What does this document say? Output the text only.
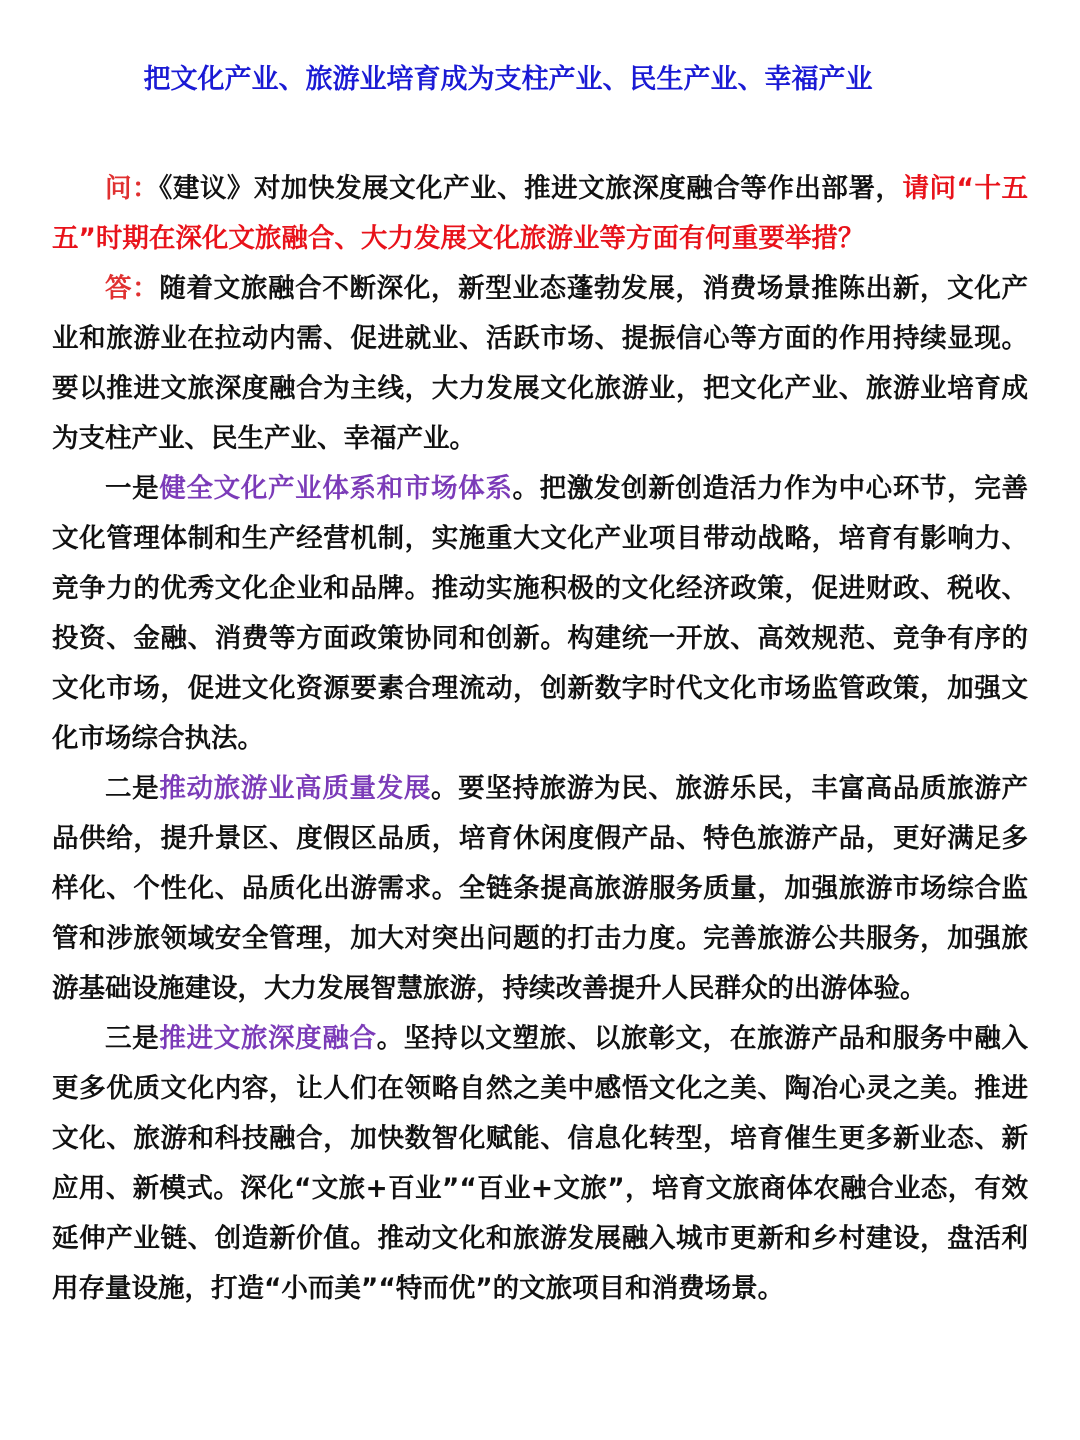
把文化产业、旅游业培育成为支柱产业、民生产业、幸福产业

问：《建议》对加快发展文化产业、推进文旅深度融合等作出部署，请问“十五五”时期在深化文旅融合、大力发展文化旅游业等方面有何重要举措？

答：随着文旅融合不断深化，新型业态蓬勃发展，消费场景推陈出新，文化产业和旅游业在拉动内需、促进就业、活跃市场、提振信心等方面的作用持续显现。要以推进文旅深度融合为主线，大力发展文化旅游业，把文化产业、旅游业培育成为支柱产业、民生产业、幸福产业。

一是健全文化产业体系和市场体系。把激发创新创造活力作为中心环节，完善文化管理体制和生产经营机制，实施重大文化产业项目带动战略，培育有影响力、竞争力的优秀文化企业和品牌。推动实施积极的文化经济政策，促进财政、税收、投资、金融、消费等方面政策协同和创新。构建统一开放、高效规范、竞争有序的文化市场，促进文化资源要素合理流动，创新数字时代文化市场监管政策，加强文化市场综合执法。

二是推动旅游业高质量发展。要坚持旅游为民、旅游乐民，丰富高品质旅游产品供给，提升景区、度假区品质，培育休闲度假产品、特色旅游产品，更好满足多样化、个性化、品质化出游需求。全链条提高旅游服务质量，加强旅游市场综合监管和涉旅领域安全管理，加大对突出问题的打击力度。完善旅游公共服务，加强旅游基础设施建设，大力发展智慧旅游，持续改善提升人民群众的出游体验。

三是推进文旅深度融合。坚持以文塑旅、以旅彰文，在旅游产品和服务中融入更多优质文化内容，让人们在领略自然之美中感悟文化之美、陶冶心灵之美。推进文化、旅游和科技融合，加快数智化赋能、信息化转型，培育催生更多新业态、新应用、新模式。深化“文旅+百业”“百业+文旅”，培育文旅商体农融合业态，有效延伸产业链、创造新价值。推动文化和旅游发展融入城市更新和乡村建设，盘活利用存量设施，打造“小而美”“特而优”的文旅项目和消费场景。
